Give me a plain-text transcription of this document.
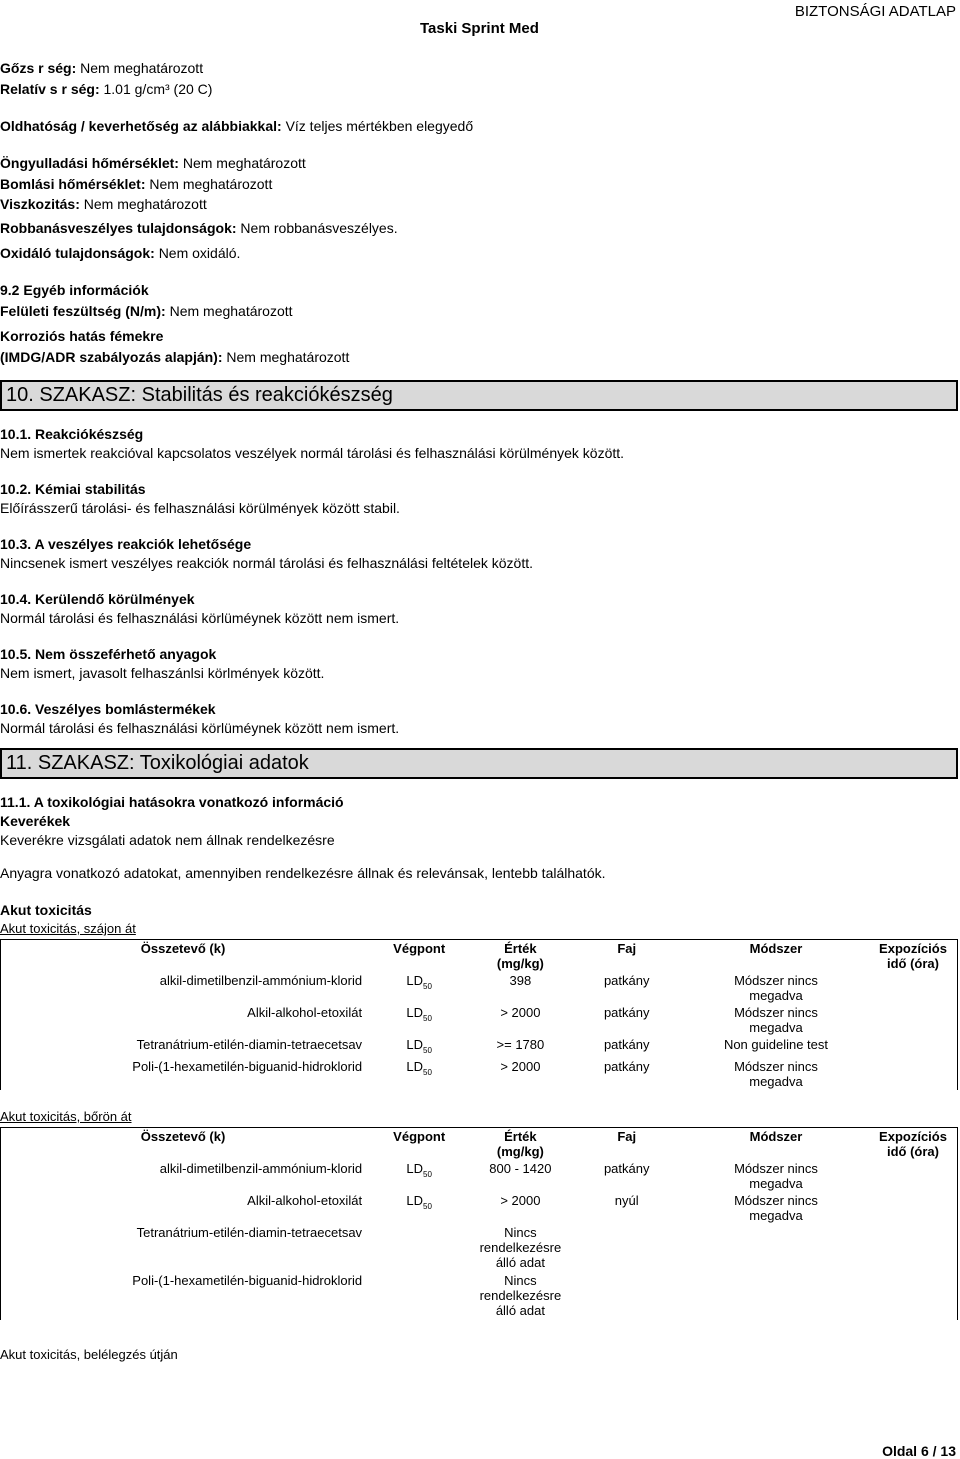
Taski Sprint Med
BIZTONSÁGI ADATLAP
Gőzs r ség: Nem meghatározott
Relatív s r ség: 1.01 g/cm³ (20 C)
Oldhatóság / keverhetőség az alábbiakkal: Víz teljes mértékben elegyedő
Öngyulladási hőmérséklet: Nem meghatározott
Bomlási hőmérséklet: Nem meghatározott
Viszkozitás: Nem meghatározott
Robbanásveszélyes tulajdonságok: Nem robbanásveszélyes.
Oxidáló tulajdonságok: Nem oxidáló.
9.2 Egyéb információk
Felületi feszültség (N/m): Nem meghatározott
Korroziós hatás fémekre
(IMDG/ADR szabályozás alapján): Nem meghatározott
10. SZAKASZ: Stabilitás és reakciókészség
10.1. Reakciókészség
Nem ismertek reakcióval kapcsolatos veszélyek normál tárolási és felhasználási körülmények között.
10.2. Kémiai stabilitás
Előírásszerű tárolási- és felhasználási körülmények között stabil.
10.3. A veszélyes reakciók lehetősége
Nincsenek ismert veszélyes reakciók normál tárolási és felhasználási feltételek között.
10.4. Kerülendő körülmények
Normál tárolási és felhasználási körlüméynek között nem ismert.
10.5. Nem összeférhető anyagok
Nem ismert, javasolt felhaszánlsi körlmények között.
10.6. Veszélyes bomlástermékek
Normál tárolási és felhasználási körlüméynek között nem ismert.
11. SZAKASZ: Toxikológiai adatok
11.1. A toxikológiai hatásokra vonatkozó információ
Keverékek
Keverékre vizsgálati adatok nem állnak rendelkezésre
Anyagra vonatkozó adatokat, amennyiben rendelkezésre állnak és relevánsak, lentebb találhatók.
Akut toxicitás
Akut toxicitás, szájon át
Összetevő (k)	Végpont	Érték
(mg/kg)	Faj	Módszer	Expozíciós
idő (óra)
alkil-dimetilbenzil-ammónium-klorid	$LD_{50}$	398	patkány	Módszer nincs
megadva	
Alkil-alkohol-etoxilát	$LD_{50}$	> 2000	patkány	Módszer nincs
megadva	
Tetranátrium-etilén-diamin-tetraecetsav	$LD_{50}$	>= 1780	patkány	Non guideline test	
Poli-(1-hexametilén-biguanid-hidroklorid	$LD_{50}$	> 2000	patkány	Módszer nincs
megadva	
Akut toxicitás, bőrön át
Összetevő (k)	Végpont	Érték
(mg/kg)	Faj	Módszer	Expozíciós
idő (óra)
alkil-dimetilbenzil-ammónium-klorid	$LD_{50}$	800 - 1420	patkány	Módszer nincs
megadva	
Alkil-alkohol-etoxilát	$LD_{50}$	> 2000	nyúl	Módszer nincs
megadva	
Tetranátrium-etilén-diamin-tetraecetsav		Nincs
rendelkezésre
álló adat			
Poli-(1-hexametilén-biguanid-hidroklorid		Nincs
rendelkezésre
álló adat			
Akut toxicitás, belélegzés útján
Oldal 6 / 13
